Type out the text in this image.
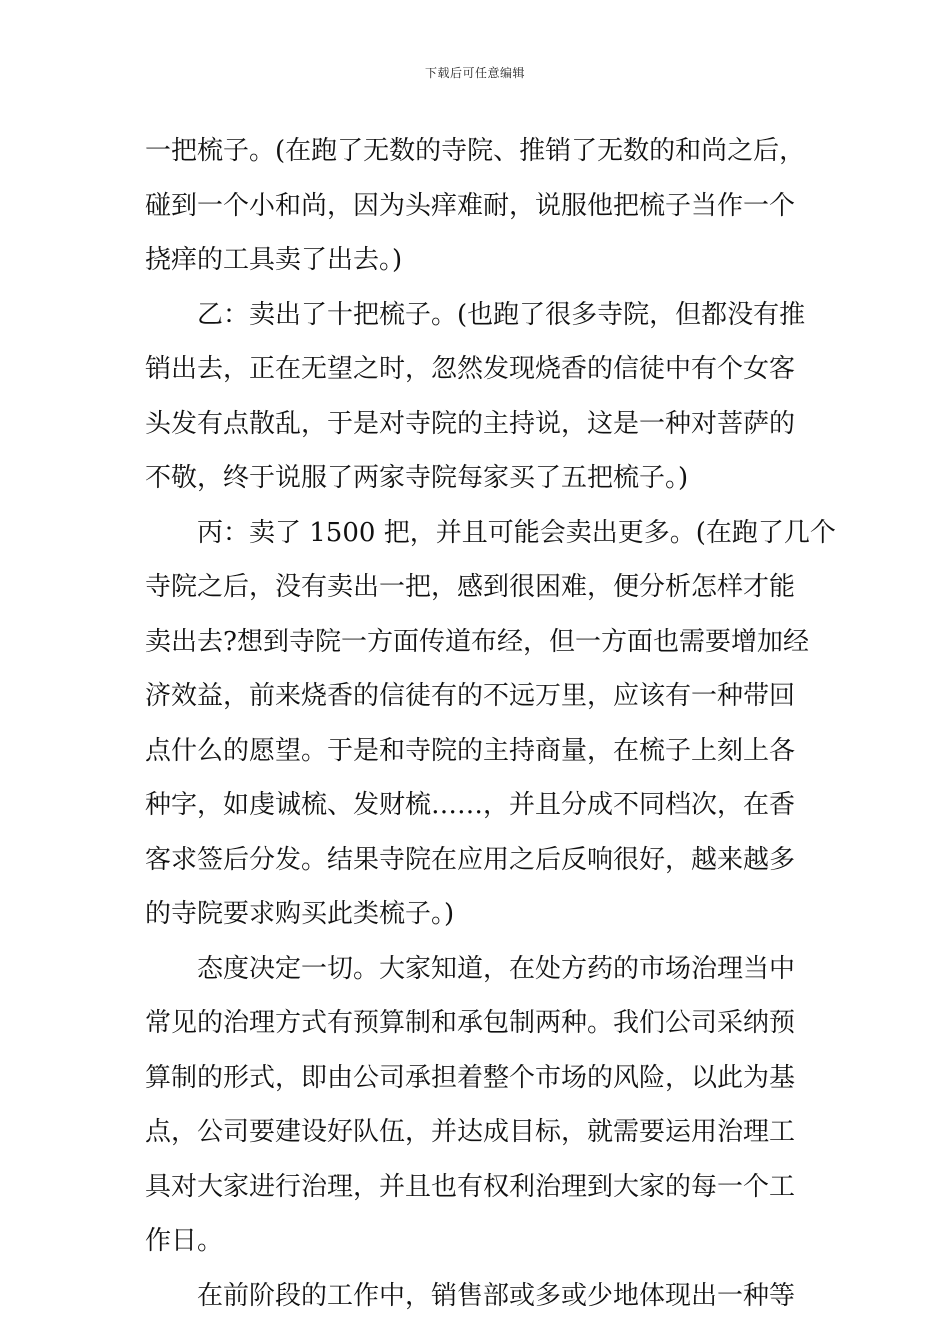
下载后可任意编辑
一把梳子。(在跑了无数的寺院、推销了无数的和尚之后，
碰到一个小和尚，因为头痒难耐，说服他把梳子当作一个
挠痒的工具卖了出去。)
乙：卖出了十把梳子。(也跑了很多寺院，但都没有推
销出去，正在无望之时，忽然发现烧香的信徒中有个女客
头发有点散乱，于是对寺院的主持说，这是一种对菩萨的
不敬，终于说服了两家寺院每家买了五把梳子。)
丙：卖了 1500 把，并且可能会卖出更多。(在跑了几个
寺院之后，没有卖出一把，感到很困难，便分析怎样才能
卖出去?想到寺院一方面传道布经，但一方面也需要增加经
济效益，前来烧香的信徒有的不远万里，应该有一种带回
点什么的愿望。于是和寺院的主持商量，在梳子上刻上各
种字，如虔诚梳、发财梳……，并且分成不同档次，在香
客求签后分发。结果寺院在应用之后反响很好，越来越多
的寺院要求购买此类梳子。)
态度决定一切。大家知道，在处方药的市场治理当中
常见的治理方式有预算制和承包制两种。我们公司采纳预
算制的形式，即由公司承担着整个市场的风险，以此为基
点，公司要建设好队伍，并达成目标，就需要运用治理工
具对大家进行治理，并且也有权利治理到大家的每一个工
作日。
在前阶段的工作中，销售部或多或少地体现出一种等
